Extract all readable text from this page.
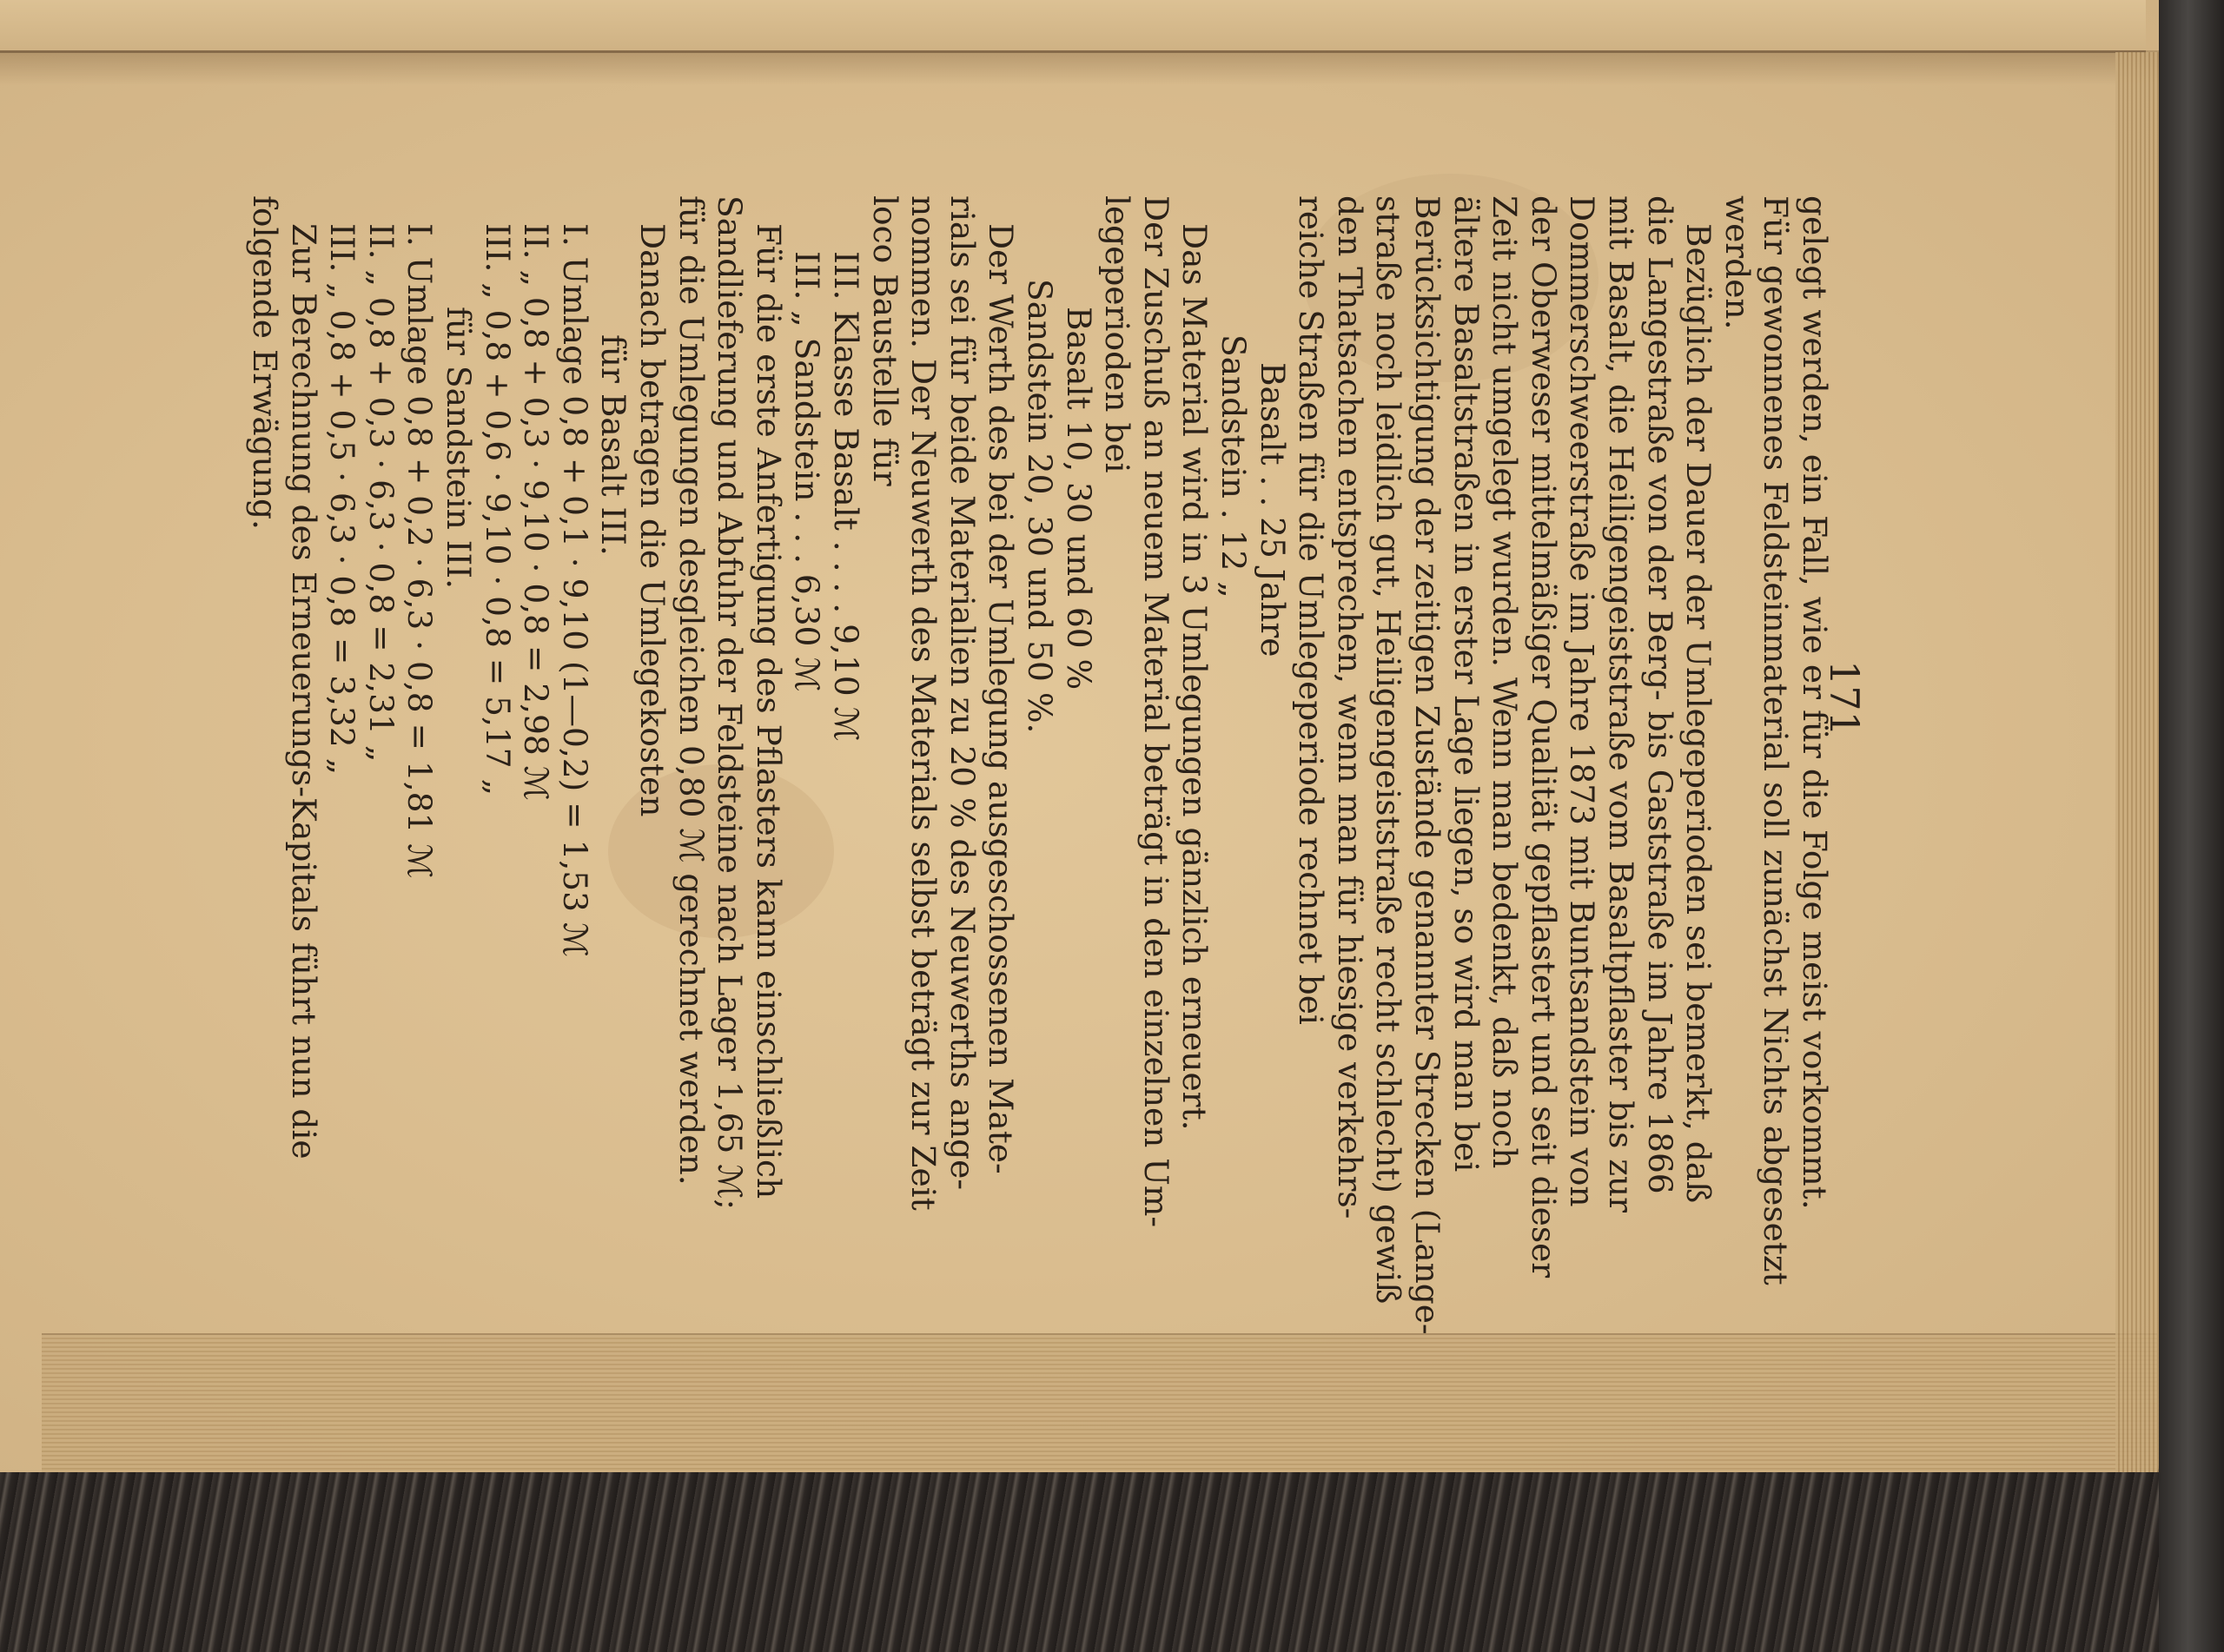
171
gelegt werden, ein Fall, wie er für die Folge meist vorkommt.
Für gewonnenes Feldsteinmaterial soll zunächst Nichts abgesetzt
werden.
Bezüglich der Dauer der Umlegeperioden sei bemerkt, daß
die Langestraße von der Berg- bis Gaststraße im Jahre 1866
mit Basalt, die Heiligengeiststraße vom Basaltpflaster bis zur
Dommerschweerstraße im Jahre 1873 mit Buntsandstein von
der Oberweser mittelmäßiger Qualität gepflastert und seit dieser
Zeit nicht umgelegt wurden. Wenn man bedenkt, daß noch
ältere Basaltstraßen in erster Lage liegen, so wird man bei
Berücksichtigung der zeitigen Zustände genannter Strecken (Lange-
straße noch leidlich gut, Heiligengeiststraße recht schlecht) gewiß
den Thatsachen entsprechen, wenn man für hiesige verkehrs-
reiche Straßen für die Umlegeperiode rechnet bei
Basalt . . 25 Jahre
Sandstein . 12 „
Das Material wird in 3 Umlegungen gänzlich erneuert.
Der Zuschuß an neuem Material beträgt in den einzelnen Um-
legeperioden bei
Basalt 10, 30 und 60 %
Sandstein 20, 30 und 50 %.
Der Werth des bei der Umlegung ausgeschossenen Mate-
rials sei für beide Materialien zu 20 % des Neuwerths ange-
nommen. Der Neuwerth des Materials selbst beträgt zur Zeit
loco Baustelle für
III. Klasse Basalt . . . . 9,10 ℳ
III. „ Sandstein . . . 6,30 ℳ
Für die erste Anfertigung des Pflasters kann einschließlich
Sandlieferung und Abfuhr der Feldsteine nach Lager 1,65 ℳ;
für die Umlegungen desgleichen 0,80 ℳ gerechnet werden.
Danach betragen die Umlegekosten
für Basalt III.
I. Umlage 0,8 + 0,1 · 9,10 (1—0,2) = 1,53 ℳ
II. „ 0,8 + 0,3 · 9,10 · 0,8 = 2,98 ℳ
III. „ 0,8 + 0,6 · 9,10 · 0,8 = 5,17 „
für Sandstein III.
I. Umlage 0,8 + 0,2 · 6,3 · 0,8 = 1,81 ℳ
II. „ 0,8 + 0,3 · 6,3 · 0,8 = 2,31 „
III. „ 0,8 + 0,5 · 6,3 · 0,8 = 3,32 „
Zur Berechnung des Erneuerungs-Kapitals führt nun die
folgende Erwägung.
